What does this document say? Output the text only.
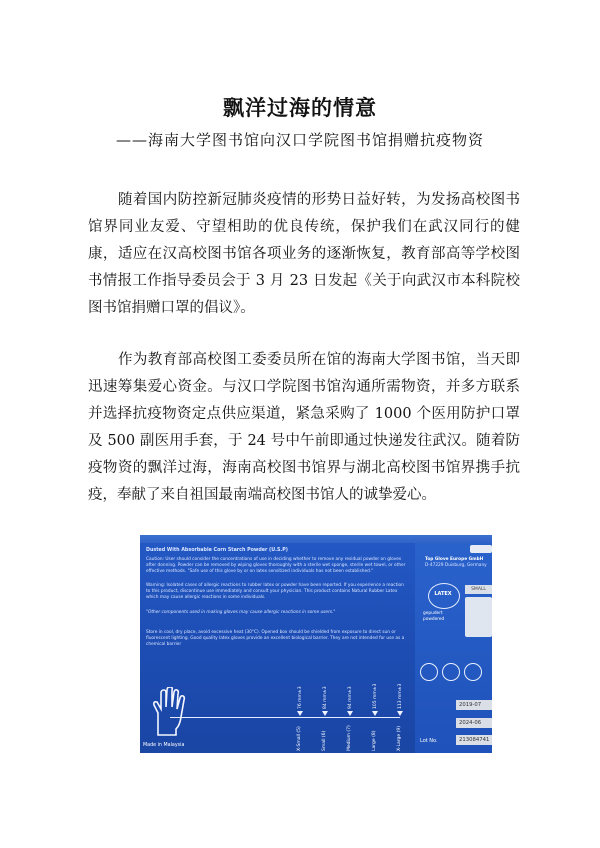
飘洋过海的情意
——海南大学图书馆向汉口学院图书馆捐赠抗疫物资

随着国内防控新冠肺炎疫情的形势日益好转，为发扬高校图书馆界同业友爱、守望相助的优良传统，保护我们在武汉同行的健康，适应在汉高校图书馆各项业务的逐渐恢复，教育部高等学校图书情报工作指导委员会于 3 月 23 日发起《关于向武汉市本科院校图书馆捐赠口罩的倡议》。

作为教育部高校图工委委员所在馆的海南大学图书馆，当天即迅速筹集爱心资金。与汉口学院图书馆沟通所需物资，并多方联系并选择抗疫物资定点供应渠道，紧急采购了 1000 个医用防护口罩及 500 副医用手套，于 24 号中午前即通过快递发往武汉。随着防疫物资的飘洋过海，海南高校图书馆界与湖北高校图书馆界携手抗疫，奉献了来自祖国最南端高校图书馆人的诚挚爱心。

Dusted With Absorbable Corn Starch Powder (U.S.P)
Caution: User should consider the concentrations of use in deciding whether to remove any residual powder on gloves after donning. Powder can be removed by wiping gloves thoroughly with a sterile wet sponge, sterile wet towel, or other effective methods. "Safe use of this glove by or on latex sensitized individuals has not been established."
Warning: Isolated cases of allergic reactions to rubber latex or powder have been reported. If you experience a reaction to this product, discontinue use immediately and consult your physician. This product contains Natural Rubber Latex which may cause allergic reactions in some individuals.
"Other components used in making gloves may cause allergic reactions in some users."
Store in cool, dry place, avoid excessive heat (30°C). Opened box should be shielded from exposure to direct sun or fluorescent lighting. Good quality latex gloves provide an excellent biological barrier. They are not intended for use as a chemical barrier
Top Glove Europe GmbH
D-47229 Duisburg, Germany
LATEX
gepudert powdered
SMALL
2019-07
2024-06
Lot No.	213084741
Made in Malaysia
76 mm±3	84 mm±3	94 mm±3	105 mm±3	113 mm±3
X-Small (5)	Small (6)	Medium (7)	Large (8)	X-Large (9)
